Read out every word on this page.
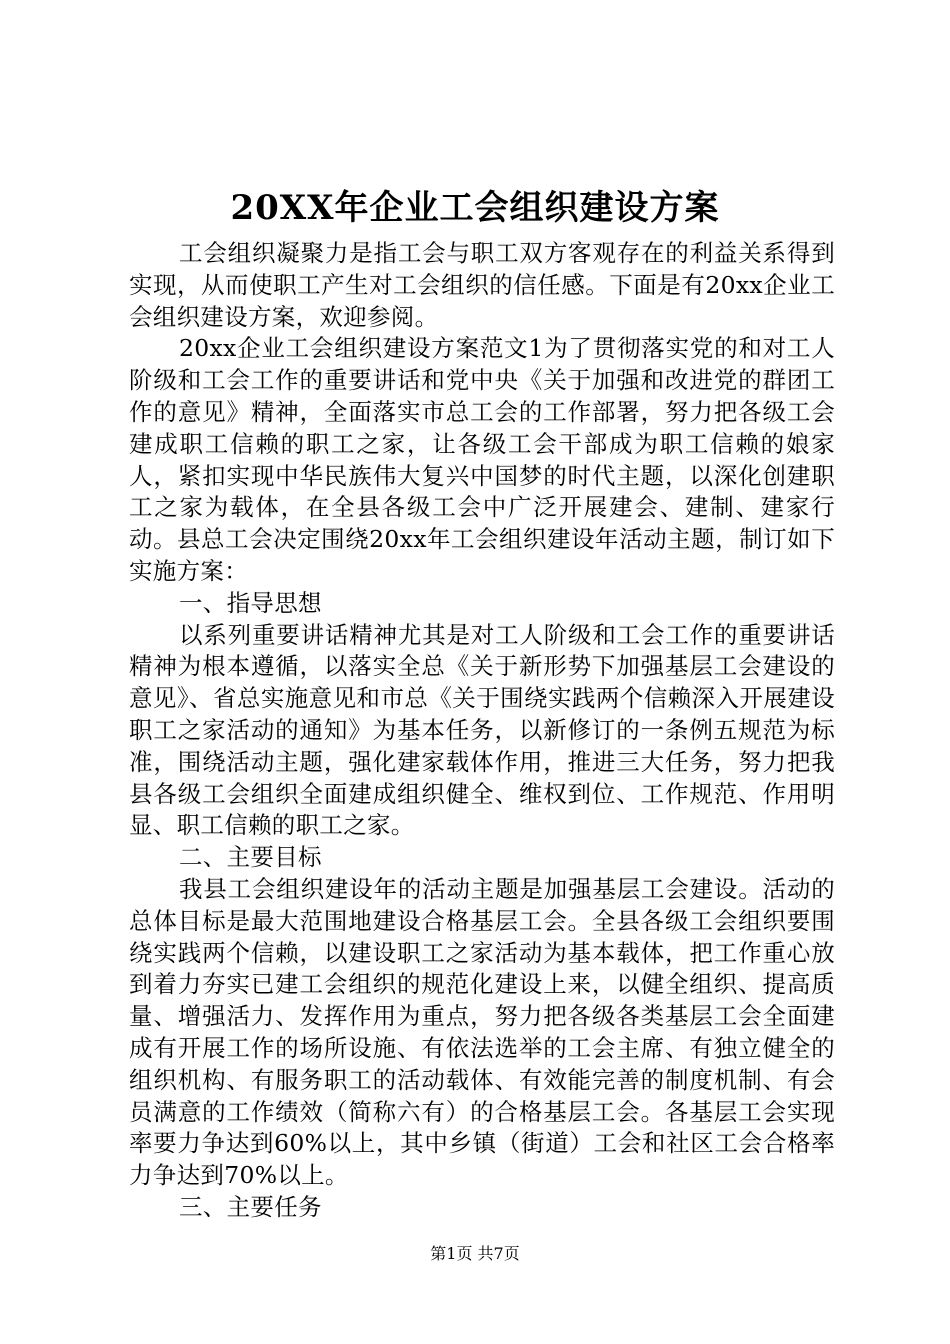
20XX年企业工会组织建设方案

工会组织凝聚力是指工会与职工双方客观存在的利益关系得到实现，从而使职工产生对工会组织的信任感。下面是有20xx企业工会组织建设方案，欢迎参阅。

20xx企业工会组织建设方案范文1为了贯彻落实党的和对工人阶级和工会工作的重要讲话和党中央《关于加强和改进党的群团工作的意见》精神，全面落实市总工会的工作部署，努力把各级工会建成职工信赖的职工之家，让各级工会干部成为职工信赖的娘家人，紧扣实现中华民族伟大复兴中国梦的时代主题，以深化创建职工之家为载体，在全县各级工会中广泛开展建会、建制、建家行动。县总工会决定围绕20xx年工会组织建设年活动主题，制订如下实施方案：

一、指导思想

以系列重要讲话精神尤其是对工人阶级和工会工作的重要讲话精神为根本遵循，以落实全总《关于新形势下加强基层工会建设的意见》、省总实施意见和市总《关于围绕实践两个信赖深入开展建设职工之家活动的通知》为基本任务，以新修订的一条例五规范为标准，围绕活动主题，强化建家载体作用，推进三大任务，努力把我县各级工会组织全面建成组织健全、维权到位、工作规范、作用明显、职工信赖的职工之家。

二、主要目标

我县工会组织建设年的活动主题是加强基层工会建设。活动的总体目标是最大范围地建设合格基层工会。全县各级工会组织要围绕实践两个信赖，以建设职工之家活动为基本载体，把工作重心放到着力夯实已建工会组织的规范化建设上来，以健全组织、提高质量、增强活力、发挥作用为重点，努力把各级各类基层工会全面建成有开展工作的场所设施、有依法选举的工会主席、有独立健全的组织机构、有服务职工的活动载体、有效能完善的制度机制、有会员满意的工作绩效（简称六有）的合格基层工会。各基层工会实现率要力争达到60%以上，其中乡镇（街道）工会和社区工会合格率力争达到70%以上。

三、主要任务

第1页 共7页
